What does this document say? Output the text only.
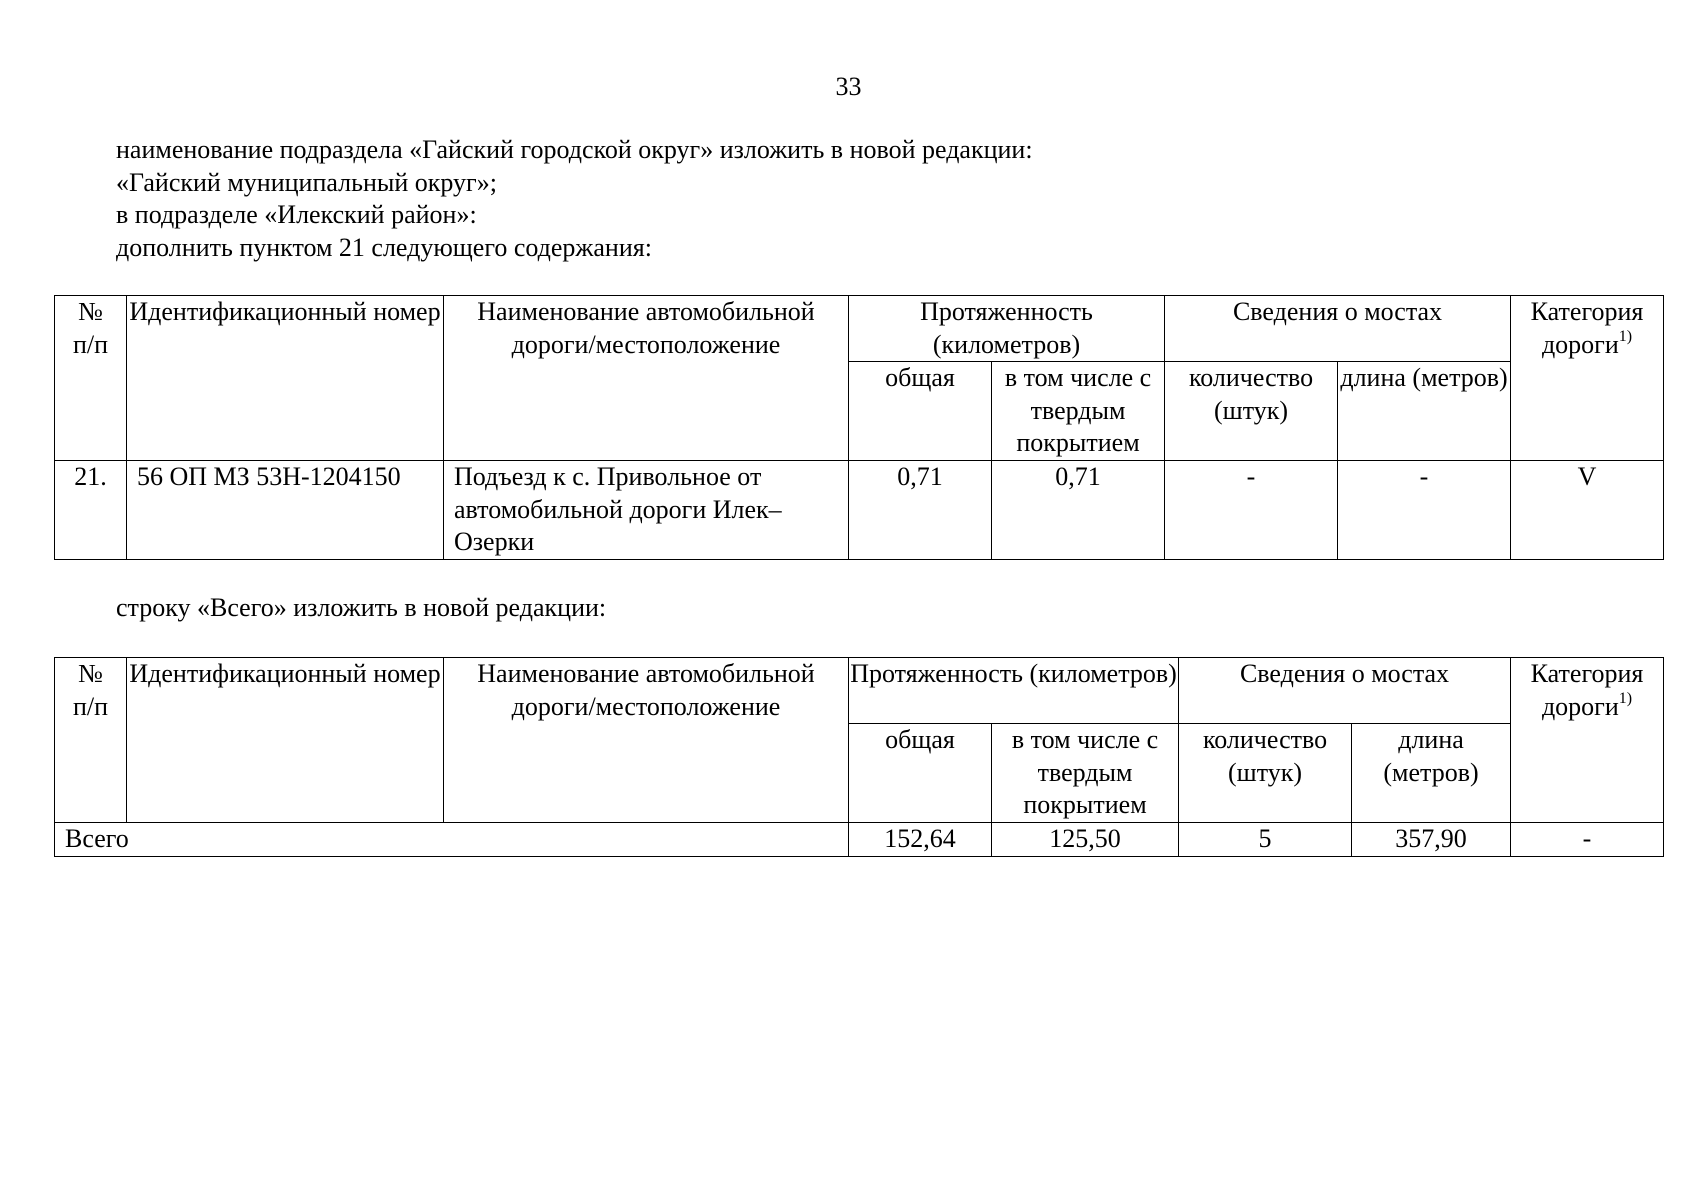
33

наименование подраздела «Гайский городской округ» изложить в новой редакции:

«Гайский муниципальный округ»;

в подразделе «Илекский район»:

дополнить пунктом 21 следующего содержания:

№
п/п	Идентификационный номер	Наименование автомобильной дороги/местоположение	Протяженность (километров)		Сведения о мостах		Категория дороги$^{1)}$
			общая	в том числе с твердым покрытием	количество (штук)	длина (метров)	
21.	56 ОП МЗ 53Н-1204150	Подъезд к с. Привольное от автомобильной дороги Илек–Озерки	0,71	0,71	-	-	V

строку «Всего» изложить в новой редакции:

№
п/п	Идентификационный номер	Наименование автомобильной дороги/местоположение	Протяженность (километров)		Сведения о мостах		Категория дороги$^{1)}$
			общая	в том числе с твердым покрытием	количество (штук)	длина (метров)	
Всего			152,64	125,50	5	357,90	-
